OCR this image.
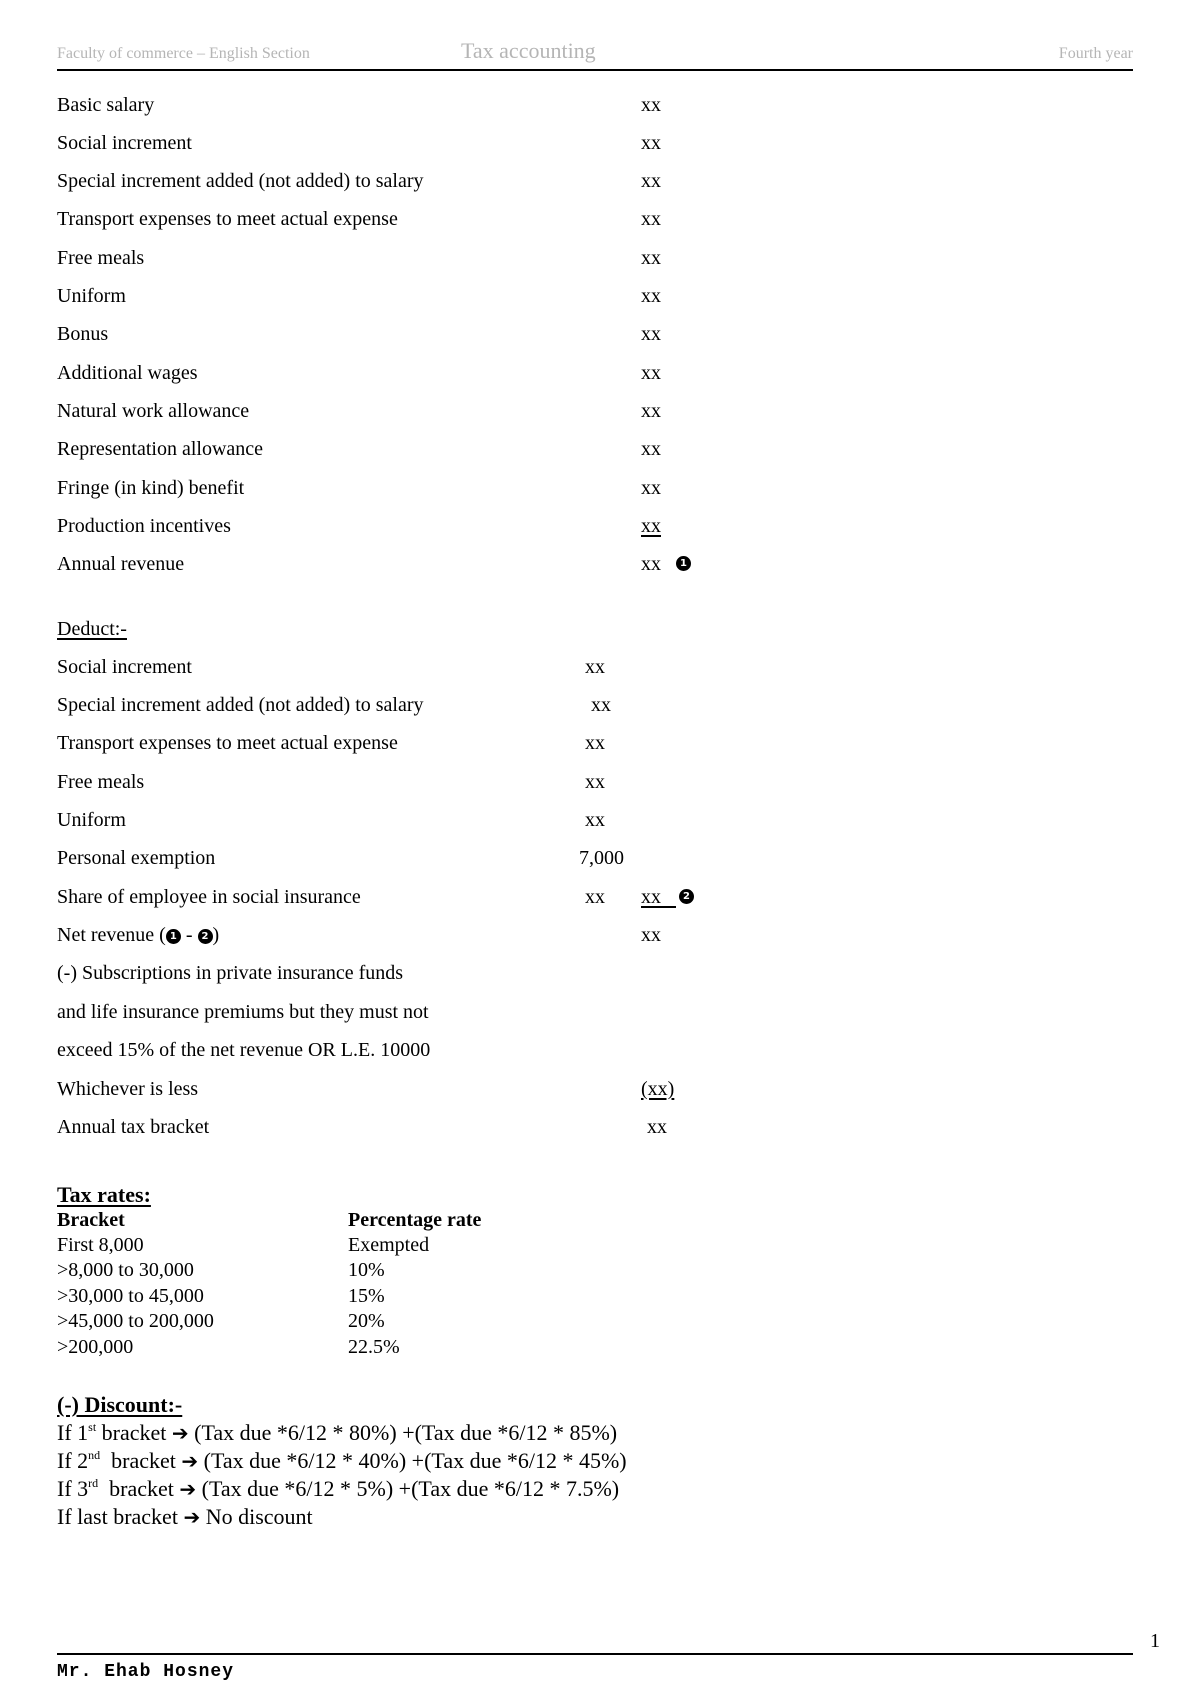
Faculty of commerce – English Section	Tax accounting	Fourth year
Basic salary	xx
Social increment	xx
Special increment added (not added) to salary	xx
Transport expenses to meet actual expense	xx
Free meals	xx
Uniform	xx
Bonus	xx
Additional wages	xx
Natural work allowance	xx
Representation allowance	xx
Fringe (in kind) benefit	xx
Production incentives	xx
Annual revenue	xx	1
Deduct:-
Social increment	xx
Special increment added (not added) to salary	xx
Transport expenses to meet actual expense	xx
Free meals	xx
Uniform	xx
Personal exemption	7,000
Share of employee in social insurance	xx xx	2
Net revenue ( 1 - 2 )	xx
(-) Subscriptions in private insurance funds
and life insurance premiums but they must not
exceed 15% of the net revenue OR L.E. 10000
Whichever is less	(xx)
Annual tax bracket	xx
Tax rates:
Bracket	Percentage rate
First 8,000	Exempted
>8,000 to 30,000	10%
>30,000 to 45,000	15%
>45,000 to 200,000	20%
>200,000	22.5%
(-) Discount:-
If 1st bracket ➔ (Tax due *6/12 * 80%) +(Tax due *6/12 * 85%)
If 2nd  bracket ➔ (Tax due *6/12 * 40%) +(Tax due *6/12 * 45%)
If 3rd  bracket ➔ (Tax due *6/12 * 5%) +(Tax due *6/12 * 7.5%)
If last bracket ➔ No discount
1
Mr. Ehab Hosney
